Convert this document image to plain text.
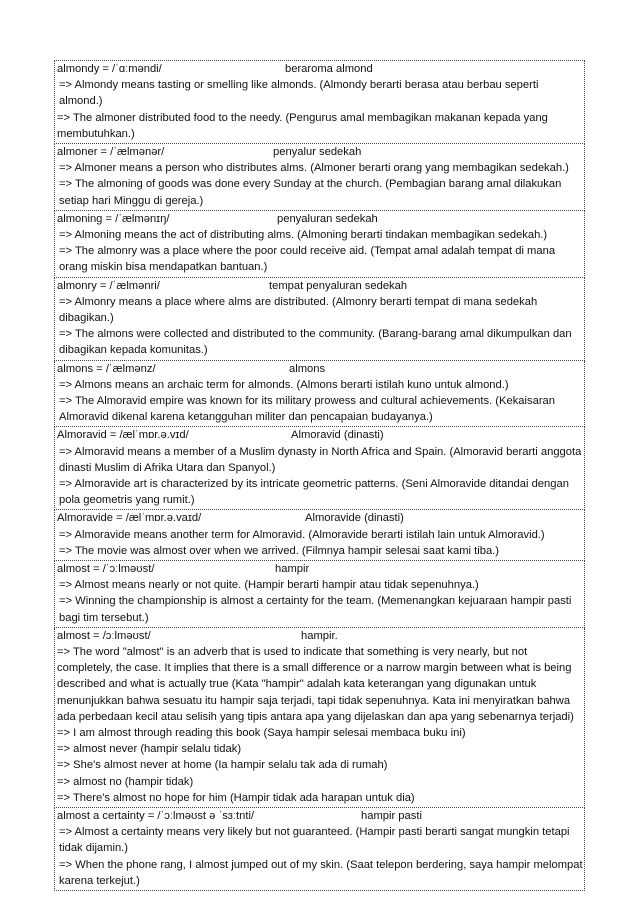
almondy = /ˈɑːmәndi/	beraroma almond

=> Almondy means tasting or smelling like almonds. (Almondy berarti berasa atau berbau seperti almond.)

=> The almoner distributed food to the needy. (Pengurus amal membagikan makanan kepada yang membutuhkan.)

almoner = /ˈælmәnәr/	penyalur sedekah

=> Almoner means a person who distributes alms. (Almoner berarti orang yang membagikan sedekah.)

=> The almoning of goods was done every Sunday at the church. (Pembagian barang amal dilakukan setiap hari Minggu di gereja.)

almoning = /ˈælmәnɪŋ/	penyaluran sedekah

=> Almoning means the act of distributing alms. (Almoning berarti tindakan membagikan sedekah.)

=> The almonry was a place where the poor could receive aid. (Tempat amal adalah tempat di mana orang miskin bisa mendapatkan bantuan.)

almonry = /ˈælmәnri/	tempat penyaluran sedekah

=> Almonry means a place where alms are distributed. (Almonry berarti tempat di mana sedekah dibagikan.)

=> The almons were collected and distributed to the community. (Barang-barang amal dikumpulkan dan dibagikan kepada komunitas.)

almons = /ˈælmәnz/	almons

=> Almons means an archaic term for almonds. (Almons berarti istilah kuno untuk almond.)

=> The Almoravid empire was known for its military prowess and cultural achievements. (Kekaisaran Almoravid dikenal karena ketangguhan militer dan pencapaian budayanya.)

Almoravid = /ælˈmɒr.ә.vɪd/	Almoravid (dinasti)

=> Almoravid means a member of a Muslim dynasty in North Africa and Spain. (Almoravid berarti anggota dinasti Muslim di Afrika Utara dan Spanyol.)

=> Almoravide art is characterized by its intricate geometric patterns. (Seni Almoravide ditandai dengan pola geometris yang rumit.)

Almoravide = /ælˈmɒr.ә.vaɪd/	Almoravide (dinasti)

=> Almoravide means another term for Almoravid. (Almoravide berarti istilah lain untuk Almoravid.)

=> The movie was almost over when we arrived. (Filmnya hampir selesai saat kami tiba.)

almost = /ˈɔːlmәʊst/	hampir

=> Almost means nearly or not quite. (Hampir berarti hampir atau tidak sepenuhnya.)

=> Winning the championship is almost a certainty for the team. (Memenangkan kejuaraan hampir pasti bagi tim tersebut.)

almost = /ɔːlmәʊst/	hampir.

=> The word "almost" is an adverb that is used to indicate that something is very nearly, but not completely, the case. It implies that there is a small difference or a narrow margin between what is being described and what is actually true (Kata "hampir" adalah kata keterangan yang digunakan untuk menunjukkan bahwa sesuatu itu hampir saja terjadi, tapi tidak sepenuhnya. Kata ini menyiratkan bahwa ada perbedaan kecil atau selisih yang tipis antara apa yang dijelaskan dan apa yang sebenarnya terjadi)

=> I am almost through reading this book (Saya hampir selesai membaca buku ini)

=> almost never (hampir selalu tidak)

=> She's almost never at home (Ia hampir selalu tak ada di rumah)

=> almost no (hampir tidak)

=> There's almost no hope for him (Hampir tidak ada harapan untuk dia)

almost a certainty = /ˈɔːlmәʊst ә ˈsɜːtnti/	hampir pasti

=> Almost a certainty means very likely but not guaranteed. (Hampir pasti berarti sangat mungkin tetapi tidak dijamin.)

=> When the phone rang, I almost jumped out of my skin. (Saat telepon berdering, saya hampir melompat karena terkejut.)
